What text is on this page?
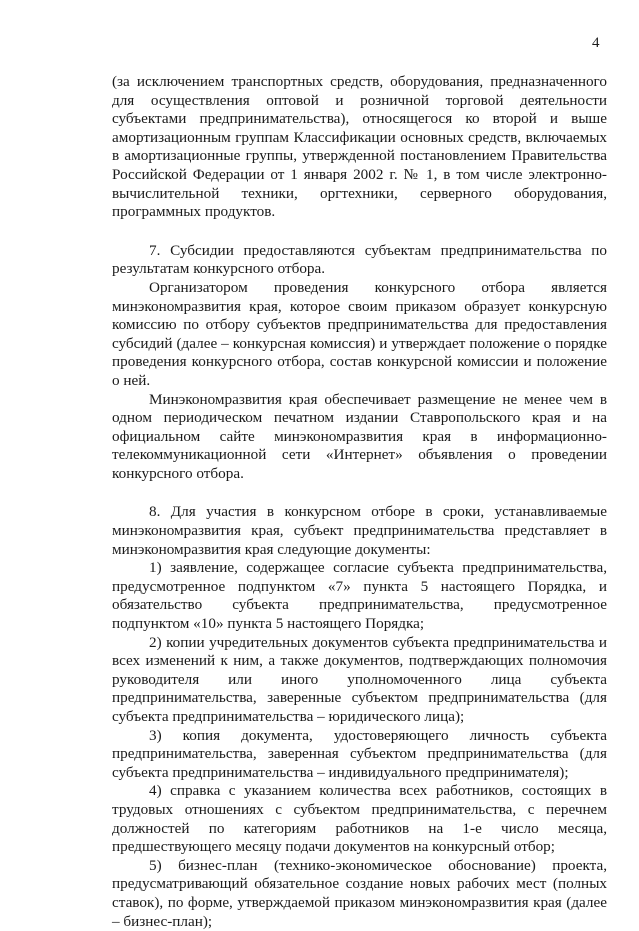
4

(за исключением транспортных средств, оборудования, предназначенного для осуществления оптовой и розничной торговой деятельности субъектами предпринимательства), относящегося ко второй и выше амортизационным группам Классификации основных средств, включаемых в амортизационные группы, утвержденной постановлением Правительства Российской Федерации от 1 января 2002 г. № 1, в том числе электронно-вычислительной техники, оргтехники, серверного оборудования, программных продуктов.

7. Субсидии предоставляются субъектам предпринимательства по результатам конкурсного отбора.

Организатором проведения конкурсного отбора является минэкономразвития края, которое своим приказом образует конкурсную комиссию по отбору субъектов предпринимательства для предоставления субсидий (далее – конкурсная комиссия) и утверждает положение о порядке проведения конкурсного отбора, состав конкурсной комиссии и положение о ней.

Минэкономразвития края обеспечивает размещение не менее чем в одном периодическом печатном издании Ставропольского края и на официальном сайте минэкономразвития края в информационно-телекоммуникационной сети «Интернет» объявления о проведении конкурсного отбора.

8. Для участия в конкурсном отборе в сроки, устанавливаемые минэкономразвития края, субъект предпринимательства представляет в минэкономразвития края следующие документы:

1) заявление, содержащее согласие субъекта предпринимательства, предусмотренное подпунктом «7» пункта 5 настоящего Порядка, и обязательство субъекта предпринимательства, предусмотренное подпунктом «10» пункта 5 настоящего Порядка;

2) копии учредительных документов субъекта предпринимательства и всех изменений к ним, а также документов, подтверждающих полномочия руководителя или иного уполномоченного лица субъекта предпринимательства, заверенные субъектом предпринимательства (для субъекта предпринимательства – юридического лица);

3) копия документа, удостоверяющего личность субъекта предпринимательства, заверенная субъектом предпринимательства (для субъекта предпринимательства – индивидуального предпринимателя);

4) справка с указанием количества всех работников, состоящих в трудовых отношениях с субъектом предпринимательства, с перечнем должностей по категориям работников на 1-е число месяца, предшествующего месяцу подачи документов на конкурсный отбор;

5) бизнес-план (технико-экономическое обоснование) проекта, предусматривающий обязательное создание новых рабочих мест (полных ставок), по форме, утверждаемой приказом минэкономразвития края (далее – бизнес-план);
